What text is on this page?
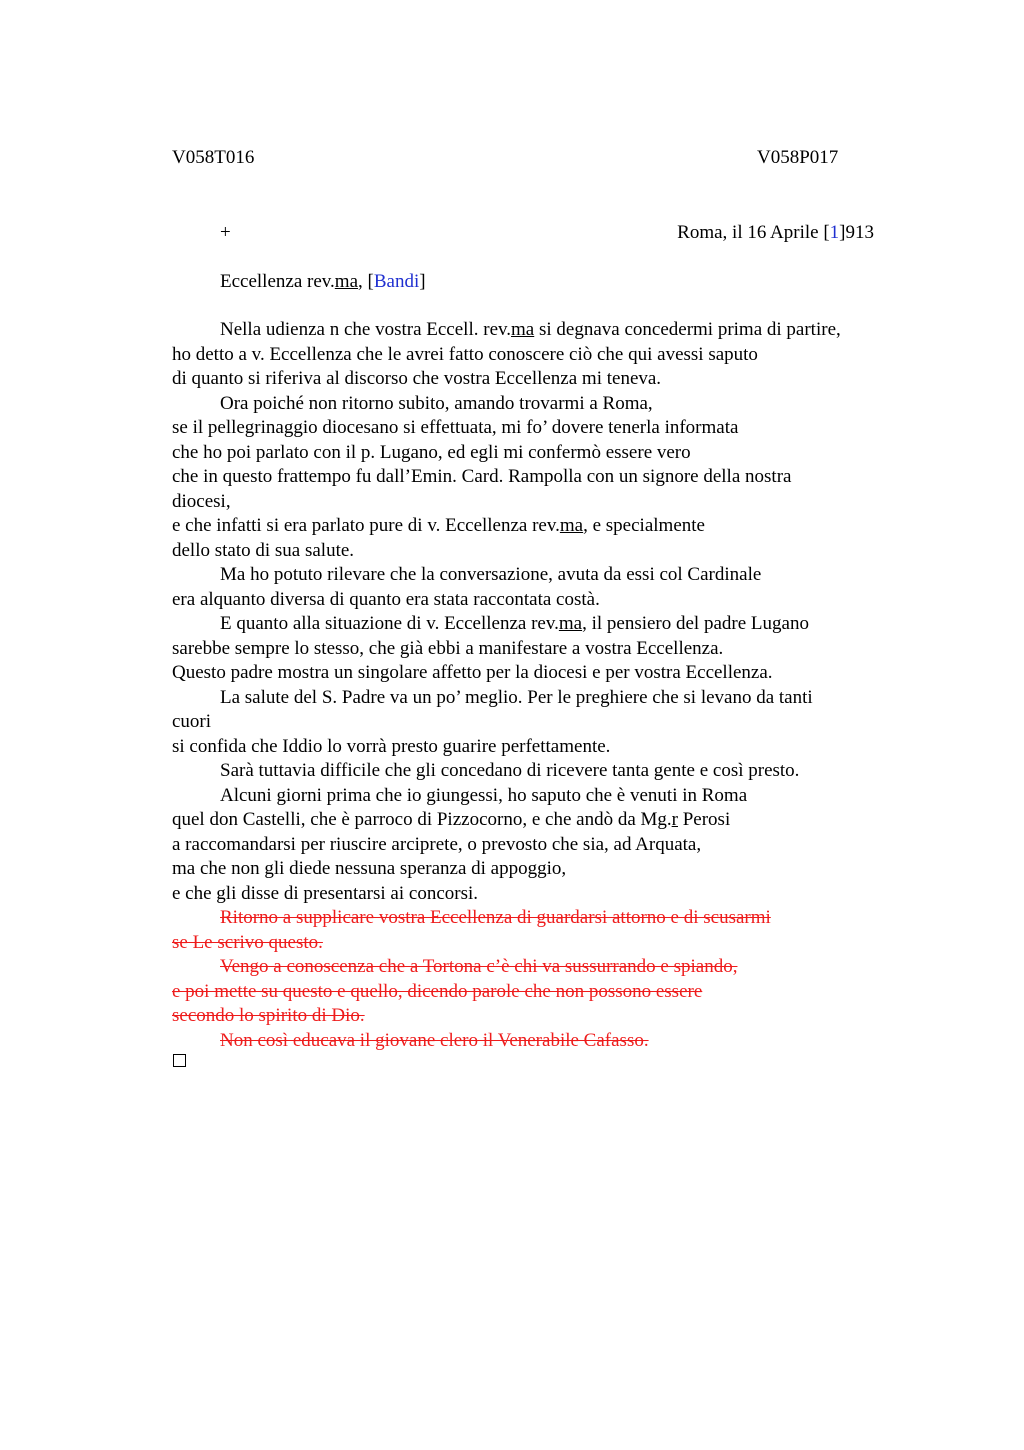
V058T016	V058P017

+	Roma, il 16 Aprile [1]913
Eccellenza rev.ma, [Bandi]
Nella udienza n che vostra Eccell. rev.ma si degnava concedermi prima di partire,
ho detto a v. Eccellenza che le avrei fatto conoscere ciò che qui avessi saputo
di quanto si riferiva al discorso che vostra Eccellenza mi teneva.
Ora poiché non ritorno subito, amando trovarmi a Roma,
se il pellegrinaggio diocesano si effettuata, mi fo’ dovere tenerla informata
che ho poi parlato con il p. Lugano, ed egli mi confermò essere vero
che in questo frattempo fu dall’Emin. Card. Rampolla con un signore della nostra
diocesi,
e che infatti si era parlato pure di v. Eccellenza rev.ma, e specialmente
dello stato di sua salute.
Ma ho potuto rilevare che la conversazione, avuta da essi col Cardinale
era alquanto diversa di quanto era stata raccontata costà.
E quanto alla situazione di v. Eccellenza rev.ma, il pensiero del padre Lugano
sarebbe sempre lo stesso, che già ebbi a manifestare a vostra Eccellenza.
Questo padre mostra un singolare affetto per la diocesi e per vostra Eccellenza.
La salute del S. Padre va un po’ meglio. Per le preghiere che si levano da tanti
cuori
si confida che Iddio lo vorrà presto guarire perfettamente.
Sarà tuttavia difficile che gli concedano di ricevere tanta gente e così presto.
Alcuni giorni prima che io giungessi, ho saputo che è venuti in Roma
quel don Castelli, che è parroco di Pizzocorno, e che andò da Mg.r Perosi
a raccomandarsi per riuscire arciprete, o prevosto che sia, ad Arquata,
ma che non gli diede nessuna speranza di appoggio,
e che gli disse di presentarsi ai concorsi.
Ritorno a supplicare vostra Eccellenza di guardarsi attorno e di scusarmi
se Le scrivo questo.
Vengo a conoscenza che a Tortona c’è chi va sussurrando e spiando,
e poi mette su questo e quello, dicendo parole che non possono essere
secondo lo spirito di Dio.
Non così educava il giovane clero il Venerabile Cafasso.
